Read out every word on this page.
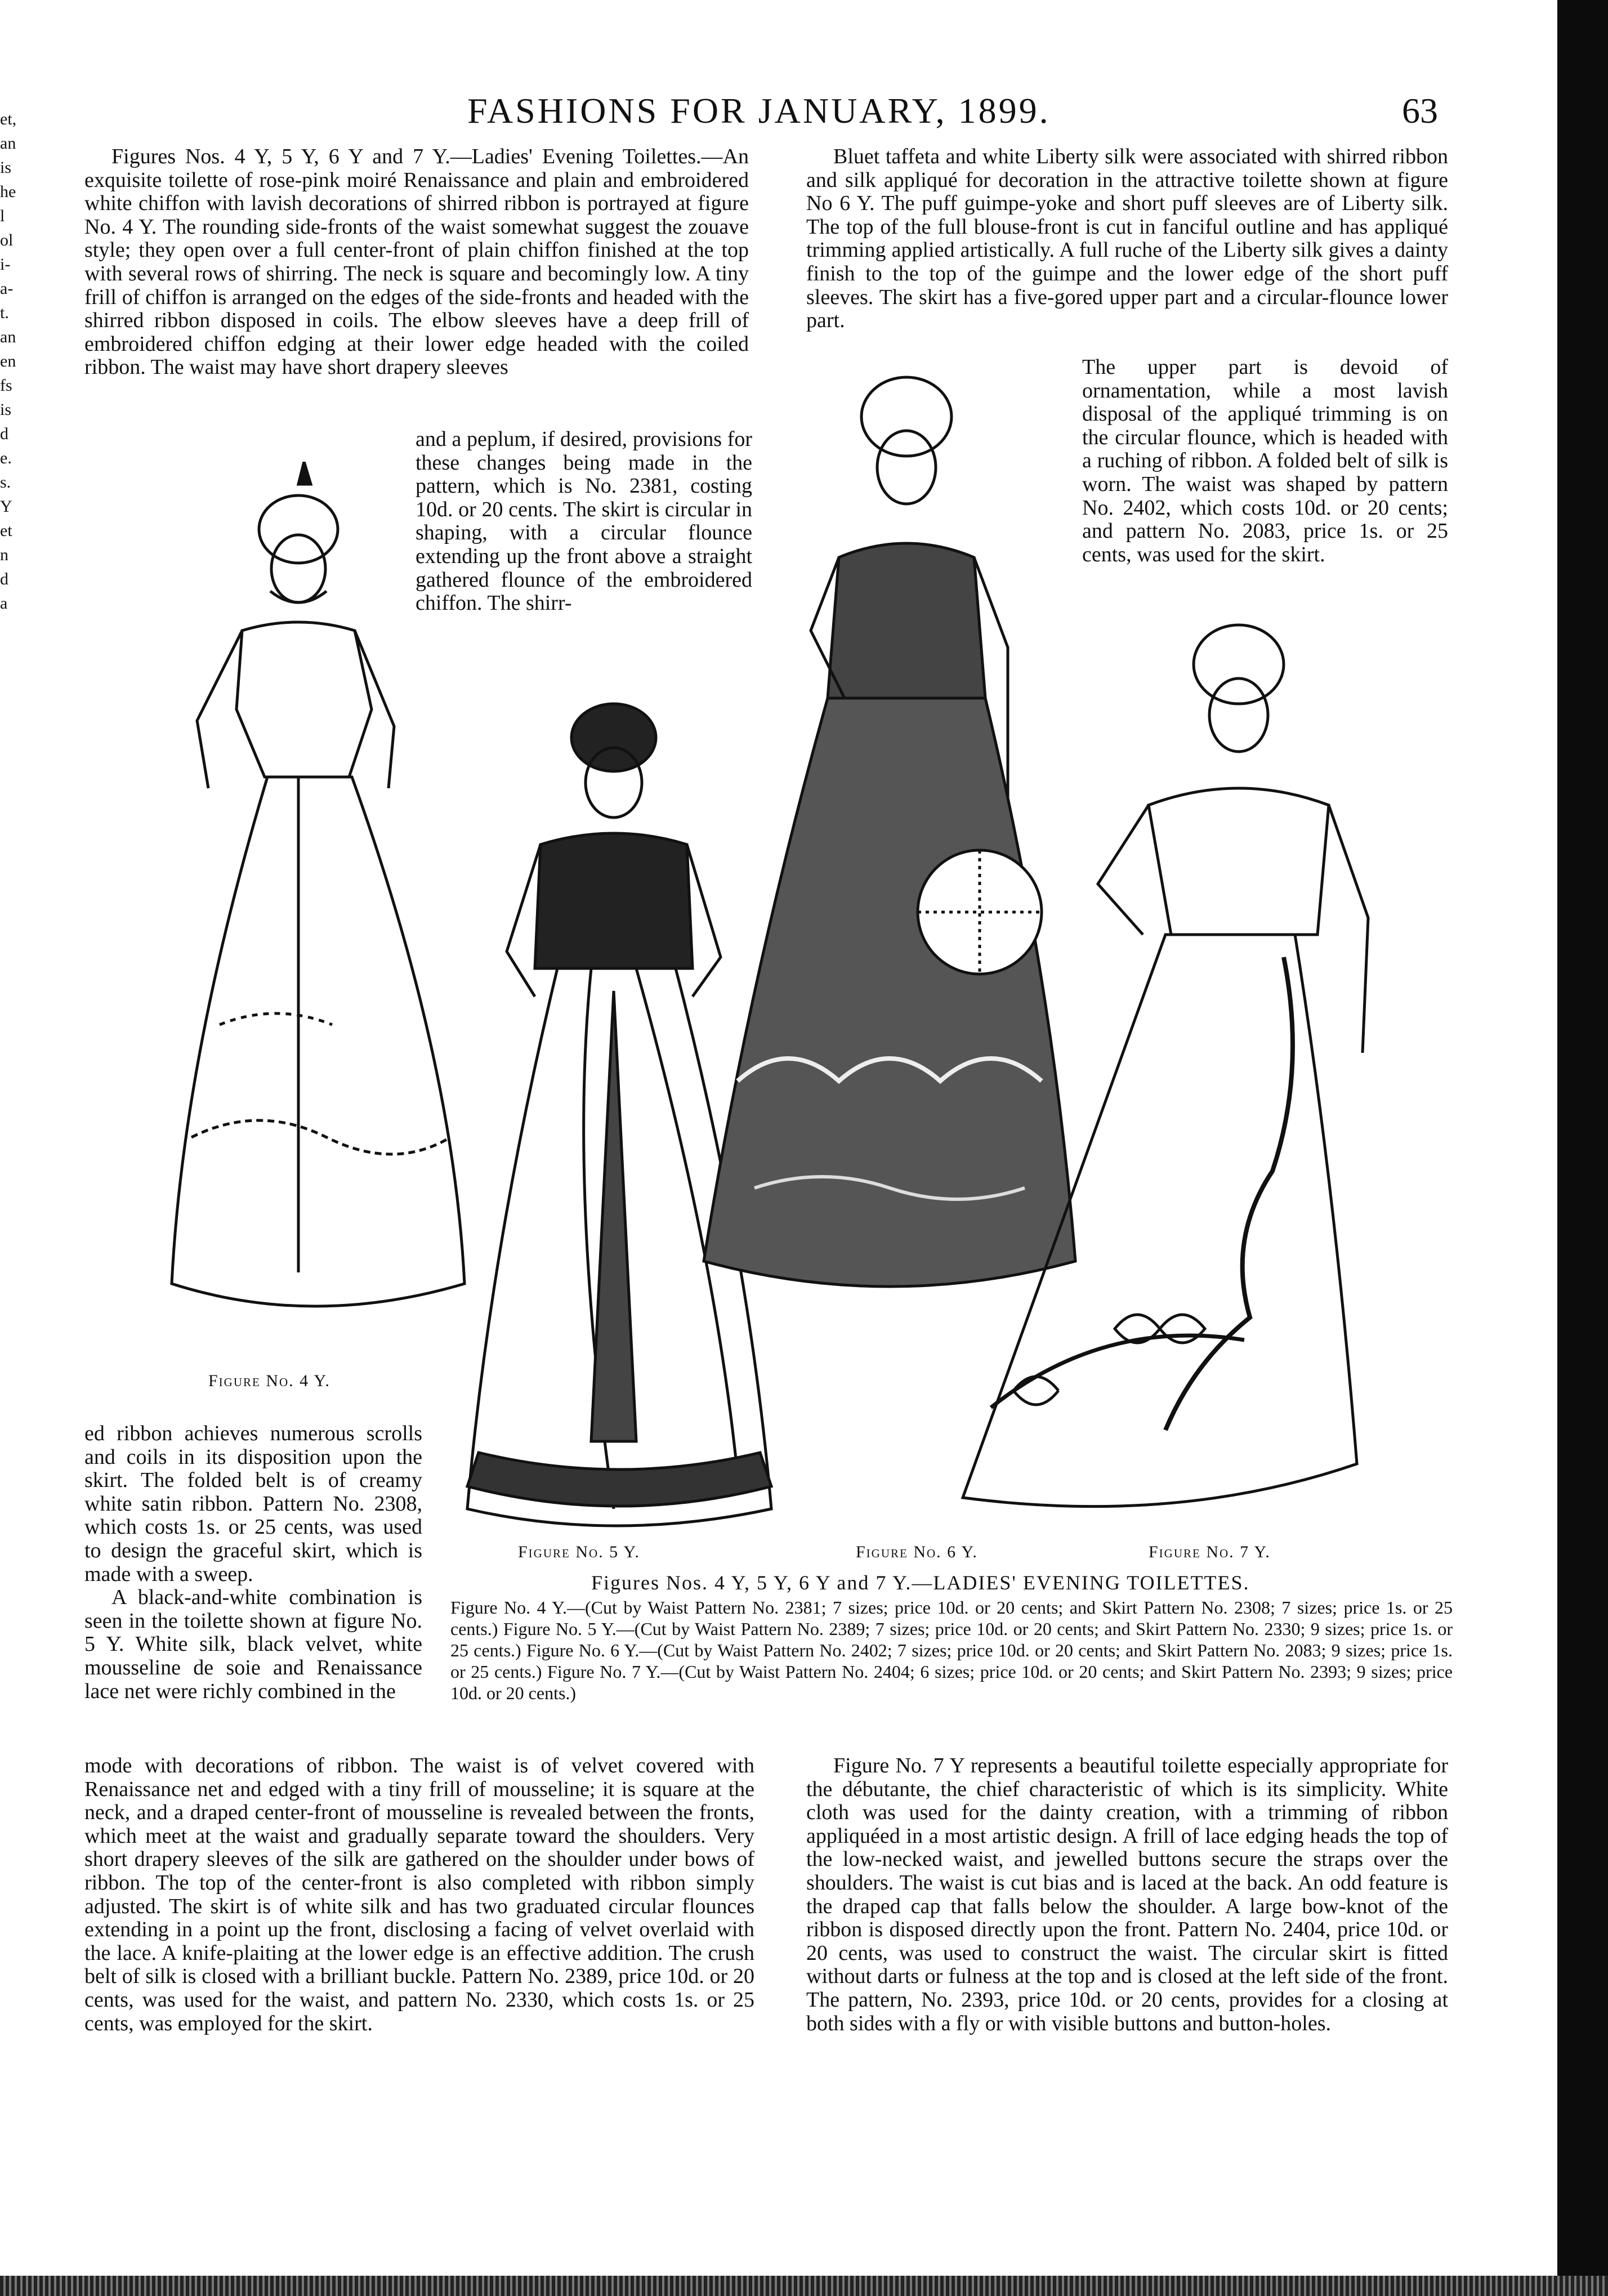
et,
an
is
he
l
ol
i-
a-
t.
an
en
fs
is
d
e.
s.
Y
et
n
d
a
FASHIONS FOR JANUARY, 1899.	63

Figures Nos. 4 Y, 5 Y, 6 Y and 7 Y.—Ladies' Evening Toilettes.—An exquisite toilette of rose-pink moiré Renaissance and plain and embroidered white chiffon with lavish decorations of shirred ribbon is portrayed at figure No. 4 Y. The rounding side-fronts of the waist somewhat suggest the zouave style; they open over a full center-front of plain chiffon finished at the top with several rows of shirring. The neck is square and becomingly low. A tiny frill of chiffon is arranged on the edges of the side-fronts and headed with the shirred ribbon disposed in coils. The elbow sleeves have a deep frill of embroidered chiffon edging at their lower edge headed with the coiled ribbon. The waist may have short drapery sleeves

and a peplum, if desired, provisions for these changes being made in the pattern, which is No. 2381, costing 10d. or 20 cents. The skirt is circular in shaping, with a circular flounce extending up the front above a straight gathered flounce of the embroidered chiffon. The shirr-

Bluet taffeta and white Liberty silk were associated with shirred ribbon and silk appliqué for decoration in the attractive toilette shown at figure No 6 Y. The puff guimpe-yoke and short puff sleeves are of Liberty silk. The top of the full blouse-front is cut in fanciful outline and has appliqué trimming applied artistically. A full ruche of the Liberty silk gives a dainty finish to the top of the guimpe and the lower edge of the short puff sleeves. The skirt has a five-gored upper part and a circular-flounce lower part.

The upper part is devoid of ornamentation, while a most lavish disposal of the appliqué trimming is on the circular flounce, which is headed with a ruching of ribbon. A folded belt of silk is worn. The waist was shaped by pattern No. 2402, which costs 10d. or 20 cents; and pattern No. 2083, price 1s. or 25 cents, was used for the skirt.

Figure No. 4 Y.
Figure No. 5 Y.	Figure No. 6 Y.	Figure No. 7 Y.

ed ribbon achieves numerous scrolls and coils in its disposition upon the skirt. The folded belt is of creamy white satin ribbon. Pattern No. 2308, which costs 1s. or 25 cents, was used to design the graceful skirt, which is made with a sweep.

A black-and-white combination is seen in the toilette shown at figure No. 5 Y. White silk, black velvet, white mousseline de soie and Renaissance lace net were richly combined in the

Figures Nos. 4 Y, 5 Y, 6 Y and 7 Y.—LADIES' EVENING TOILETTES.
Figure No. 4 Y.—(Cut by Waist Pattern No. 2381; 7 sizes; price 10d. or 20 cents; and Skirt Pattern No. 2308; 7 sizes; price 1s. or 25 cents.) Figure No. 5 Y.—(Cut by Waist Pattern No. 2389; 7 sizes; price 10d. or 20 cents; and Skirt Pattern No. 2330; 9 sizes; price 1s. or 25 cents.) Figure No. 6 Y.—(Cut by Waist Pattern No. 2402; 7 sizes; price 10d. or 20 cents; and Skirt Pattern No. 2083; 9 sizes; price 1s. or 25 cents.) Figure No. 7 Y.—(Cut by Waist Pattern No. 2404; 6 sizes; price 10d. or 20 cents; and Skirt Pattern No. 2393; 9 sizes; price 10d. or 20 cents.)

mode with decorations of ribbon. The waist is of velvet covered with Renaissance net and edged with a tiny frill of mousseline; it is square at the neck, and a draped center-front of mousseline is revealed between the fronts, which meet at the waist and gradually separate toward the shoulders. Very short drapery sleeves of the silk are gathered on the shoulder under bows of ribbon. The top of the center-front is also completed with ribbon simply adjusted. The skirt is of white silk and has two graduated circular flounces extending in a point up the front, disclosing a facing of velvet overlaid with the lace. A knife-plaiting at the lower edge is an effective addition. The crush belt of silk is closed with a brilliant buckle. Pattern No. 2389, price 10d. or 20 cents, was used for the waist, and pattern No. 2330, which costs 1s. or 25 cents, was employed for the skirt.

Figure No. 7 Y represents a beautiful toilette especially appropriate for the débutante, the chief characteristic of which is its simplicity. White cloth was used for the dainty creation, with a trimming of ribbon appliquéed in a most artistic design. A frill of lace edging heads the top of the low-necked waist, and jewelled buttons secure the straps over the shoulders. The waist is cut bias and is laced at the back. An odd feature is the draped cap that falls below the shoulder. A large bow-knot of the ribbon is disposed directly upon the front. Pattern No. 2404, price 10d. or 20 cents, was used to construct the waist. The circular skirt is fitted without darts or fulness at the top and is closed at the left side of the front. The pattern, No. 2393, price 10d. or 20 cents, provides for a closing at both sides with a fly or with visible buttons and button-holes.
